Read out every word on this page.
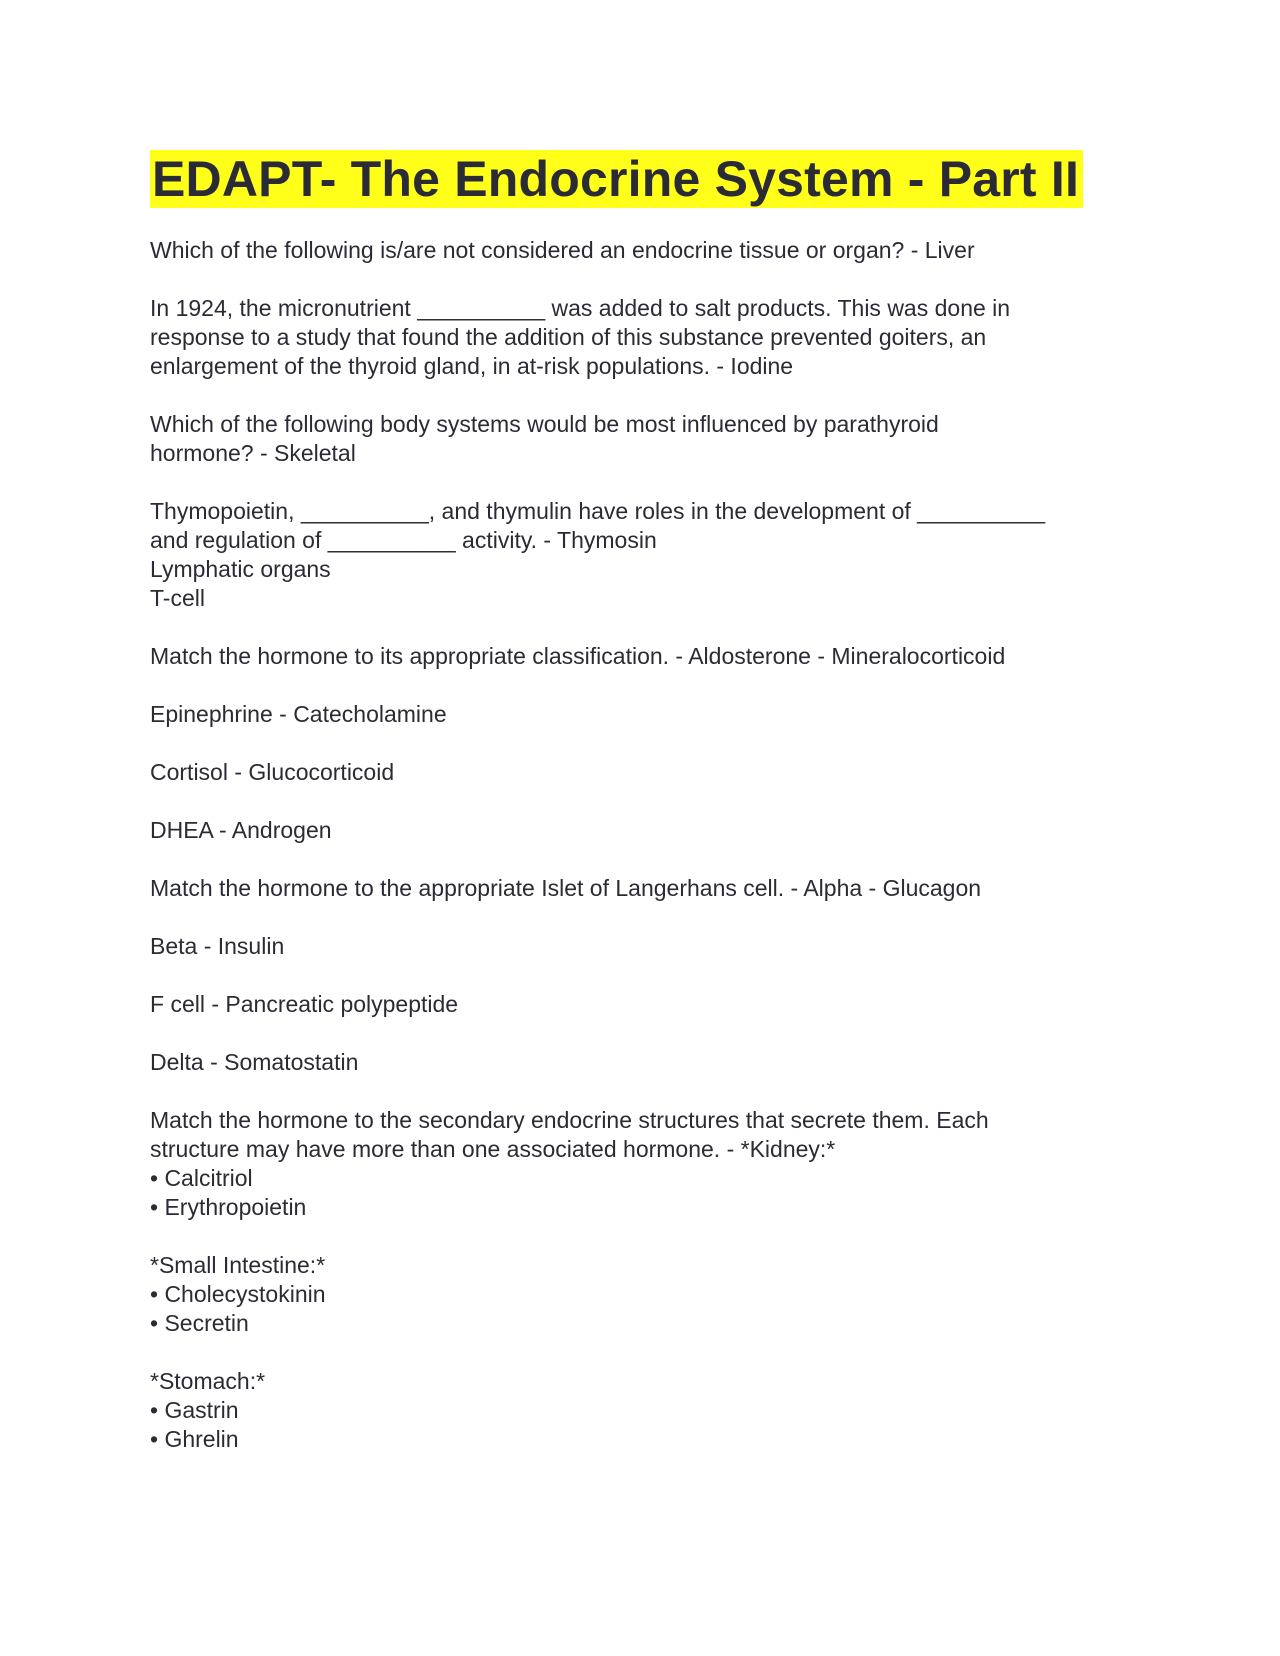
EDAPT- The Endocrine System - Part II
Which of the following is/are not considered an endocrine tissue or organ? - Liver
In 1924, the micronutrient __________ was added to salt products. This was done in
response to a study that found the addition of this substance prevented goiters, an
enlargement of the thyroid gland, in at-risk populations. - Iodine
Which of the following body systems would be most influenced by parathyroid
hormone? - Skeletal
Thymopoietin, __________, and thymulin have roles in the development of __________
and regulation of __________ activity. - Thymosin
Lymphatic organs
T-cell
Match the hormone to its appropriate classification. - Aldosterone - Mineralocorticoid
Epinephrine - Catecholamine
Cortisol - Glucocorticoid
DHEA - Androgen
Match the hormone to the appropriate Islet of Langerhans cell. - Alpha - Glucagon
Beta - Insulin
F cell - Pancreatic polypeptide
Delta - Somatostatin
Match the hormone to the secondary endocrine structures that secrete them. Each
structure may have more than one associated hormone. - *Kidney:*
• Calcitriol
• Erythropoietin
*Small Intestine:*
• Cholecystokinin
• Secretin
*Stomach:*
• Gastrin
• Ghrelin
